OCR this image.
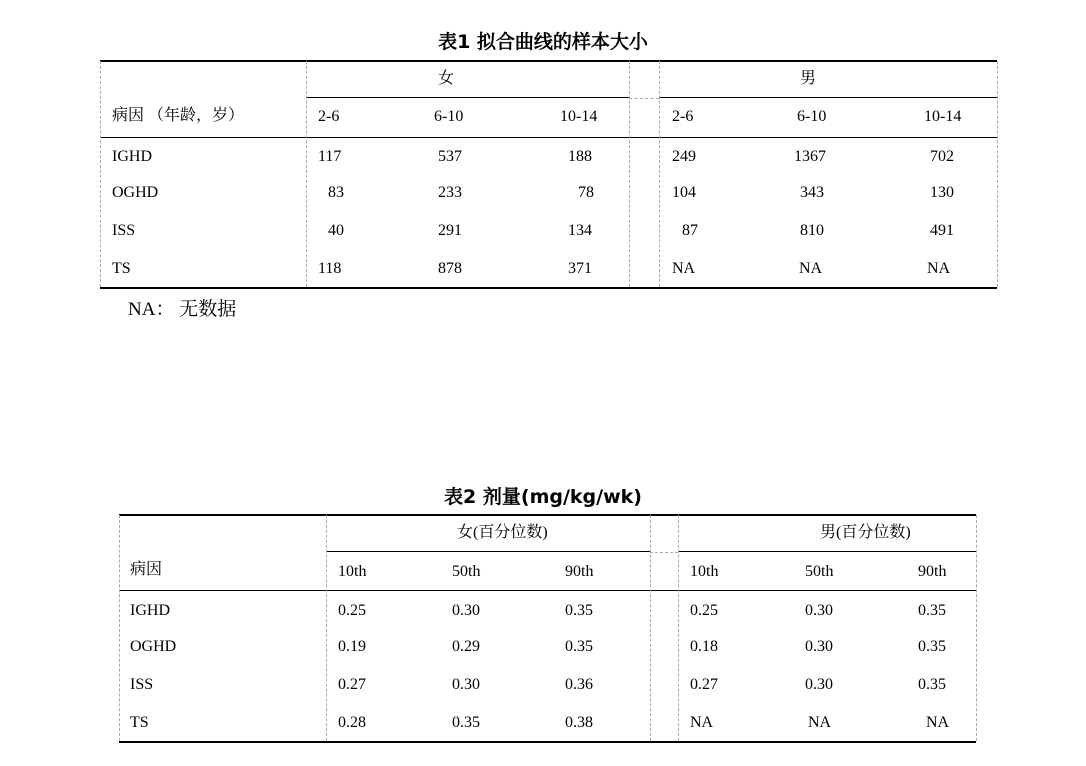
表1 拟合曲线的样本大小
女	男
病因 （年龄，岁）	2-6	6-10	10-14	2-6	6-10	10-14
IGHD	117	537	188	249	1367	702
OGHD	83	233	78	104	343	130
ISS	40	291	134	87	810	491
TS	118	878	371	NA	NA	NA
NA： 无数据
表2 剂量(mg/kg/wk)
女(百分位数)	男(百分位数)
病因	10th	50th	90th	10th	50th	90th
IGHD	0.25	0.30	0.35	0.25	0.30	0.35
OGHD	0.19	0.29	0.35	0.18	0.30	0.35
ISS	0.27	0.30	0.36	0.27	0.30	0.35
TS	0.28	0.35	0.38	NA	NA	NA
